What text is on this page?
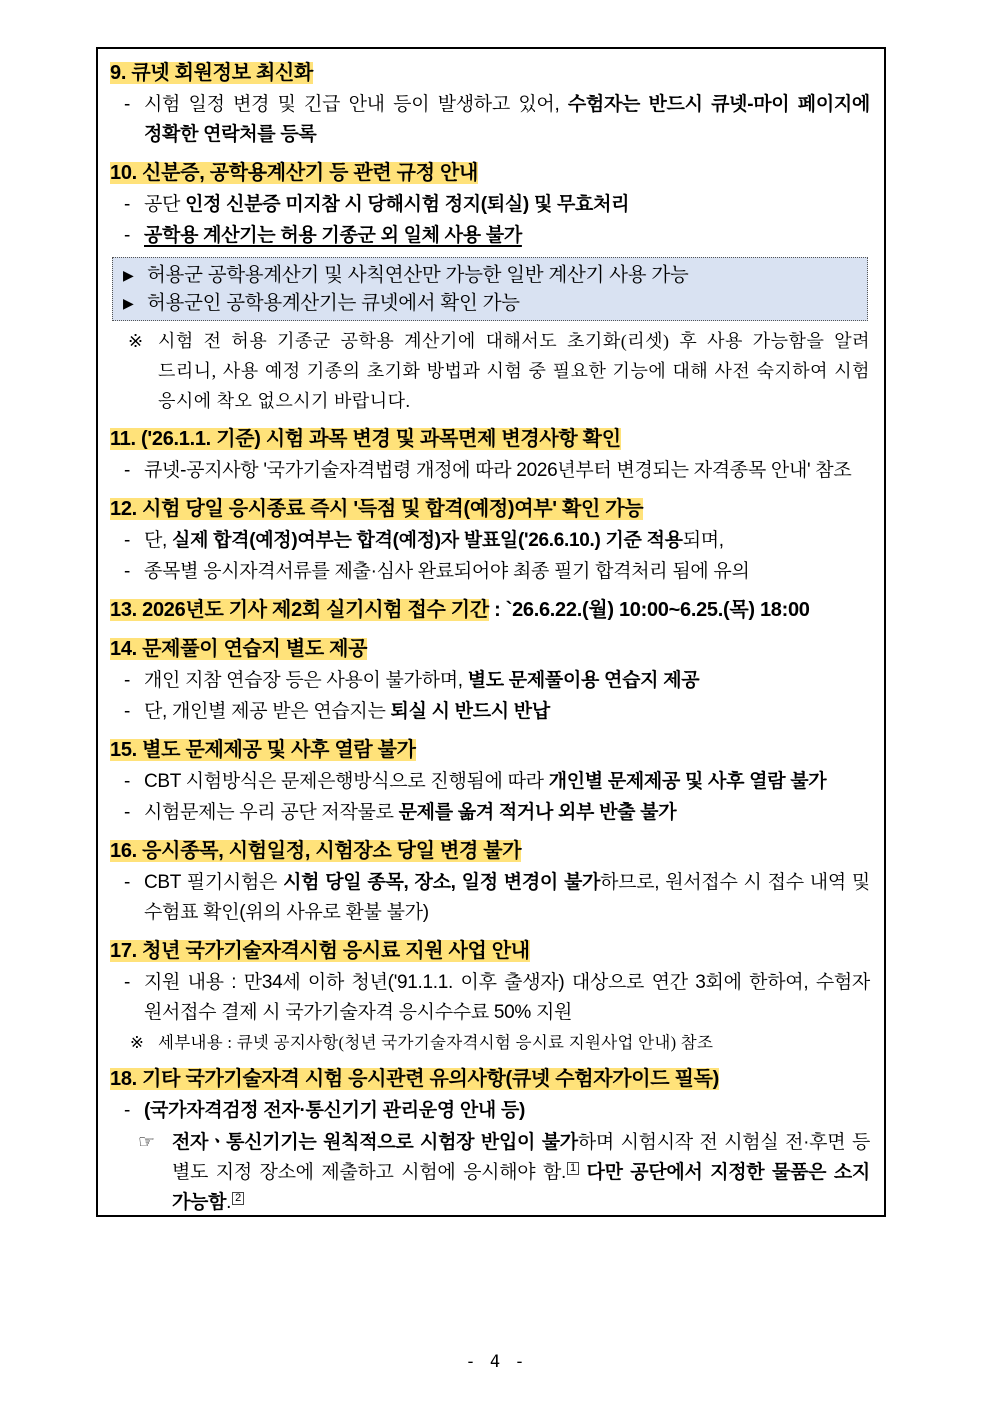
9. 큐넷 회원정보 최신화
- 시험 일정 변경 및 긴급 안내 등이 발생하고 있어, 수험자는 반드시 큐넷-마이 페이지에 정확한 연락처를 등록
10. 신분증, 공학용계산기 등 관련 규정 안내
- 공단 인정 신분증 미지참 시 당해시험 정지(퇴실) 및 무효처리
- 공학용 계산기는 허용 기종군 외 일체 사용 불가
▶ 허용군 공학용계산기 및 사칙연산만 가능한 일반 계산기 사용 가능
▶ 허용군인 공학용계산기는 큐넷에서 확인 가능
※ 시험 전 허용 기종군 공학용 계산기에 대해서도 초기화(리셋) 후 사용 가능함을 알려 드리니, 사용 예정 기종의 초기화 방법과 시험 중 필요한 기능에 대해 사전 숙지하여 시험 응시에 착오 없으시기 바랍니다.
11. ('26.1.1. 기준) 시험 과목 변경 및 과목면제 변경사항 확인
- 큐넷-공지사항 '국가기술자격법령 개정에 따라 2026년부터 변경되는 자격종목 안내' 참조
12. 시험 당일 응시종료 즉시 '득점 및 합격(예정)여부' 확인 가능
- 단, 실제 합격(예정)여부는 합격(예정)자 발표일('26.6.10.) 기준 적용되며,
- 종목별 응시자격서류를 제출·심사 완료되어야 최종 필기 합격처리 됨에 유의
13. 2026년도 기사 제2회 실기시험 접수 기간 : `26.6.22.(월) 10:00~6.25.(목) 18:00
14. 문제풀이 연습지 별도 제공
- 개인 지참 연습장 등은 사용이 불가하며, 별도 문제풀이용 연습지 제공
- 단, 개인별 제공 받은 연습지는 퇴실 시 반드시 반납
15. 별도 문제제공 및 사후 열람 불가
- CBT 시험방식은 문제은행방식으로 진행됨에 따라 개인별 문제제공 및 사후 열람 불가
- 시험문제는 우리 공단 저작물로 문제를 옮겨 적거나 외부 반출 불가
16. 응시종목, 시험일정, 시험장소 당일 변경 불가
- CBT 필기시험은 시험 당일 종목, 장소, 일정 변경이 불가하므로, 원서접수 시 접수 내역 및 수험표 확인(위의 사유로 환불 불가)
17. 청년 국가기술자격시험 응시료 지원 사업 안내
- 지원 내용 : 만34세 이하 청년('91.1.1. 이후 출생자) 대상으로 연간 3회에 한하여, 수험자 원서접수 결제 시 국가기술자격 응시수수료 50% 지원
※ 세부내용 : 큐넷 공지사항(청년 국가기술자격시험 응시료 지원사업 안내) 참조
18. 기타 국가기술자격 시험 응시관련 유의사항(큐넷 수험자가이드 필독)
- (국가자격검정 전자·통신기기 관리운영 안내 등)
☞ 전자ㆍ통신기기는 원칙적으로 시험장 반입이 불가하며 시험시작 전 시험실 전·후면 등 별도 지정 장소에 제출하고 시험에 응시해야 함. $^1$ 다만 공단에서 지정한 물품은 소지 가능함. $^2$
- 4 -
